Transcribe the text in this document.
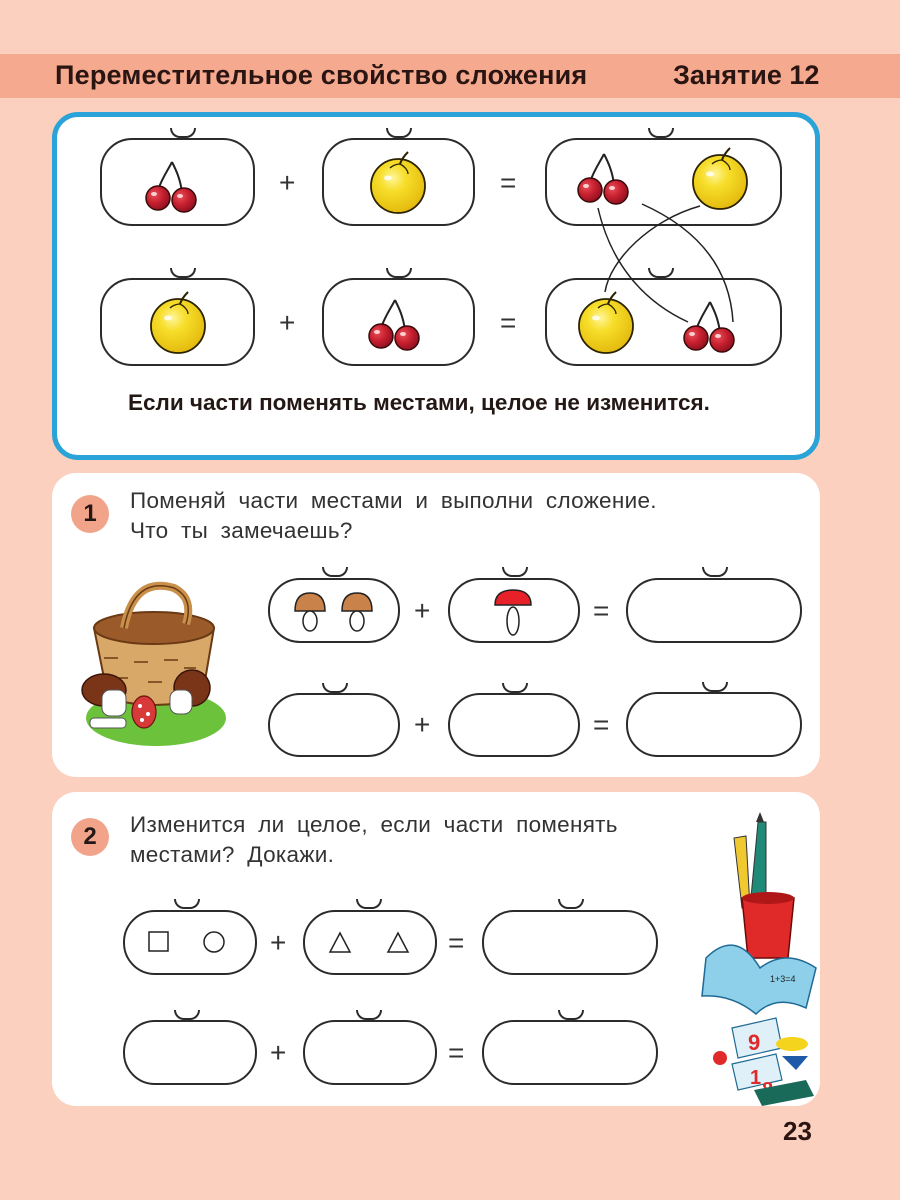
Переместительное свойство сложения	Занятие 12
+	=
+	=
Если части поменять местами, целое не изменится.
1	Поменяй части местами и выполни сложение.
Что ты замечаешь?
+	=
+	=
2	Изменится ли целое, если части поменять
местами? Докажи.
+	=
+	=
1+3=4
9
1
23
